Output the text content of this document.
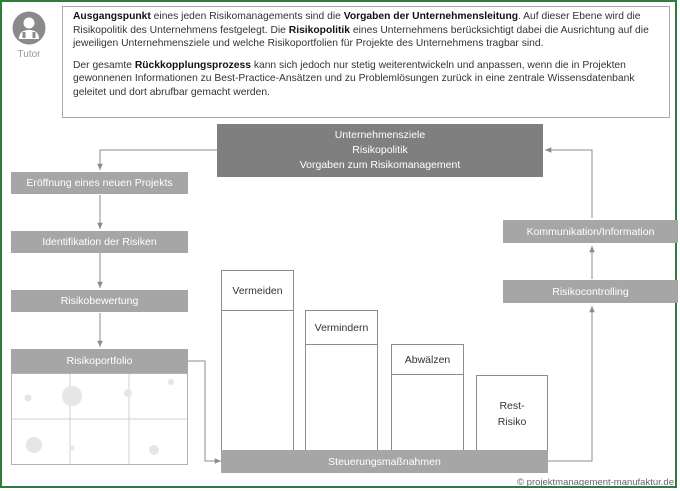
Tutor

Ausgangspunkt eines jeden Risikomanagements sind die Vorgaben der Unternehmensleitung. Auf dieser Ebene wird die Risikopolitik des Unternehmens festgelegt. Die Risikopolitik eines Unternehmens berücksichtigt dabei die Ausrichtung auf die jeweiligen Unternehmensziele und welche Risikoportfolien für Projekte des Unternehmens tragbar sind.

Der gesamte Rückkopplungsprozess kann sich jedoch nur stetig weiterentwickeln und anpassen, wenn die in Projekten gewonnenen Informationen zu Best-Practice-Ansätzen und zu Problemlösungen zurück in eine zentrale Wissensdatenbank geleitet und dort abrufbar gemacht werden.

Unternehmensziele
Risikopolitik
Vorgaben zum Risikomanagement
Eröffnung eines neuen Projekts
Identifikation der Risiken
Risikobewertung
Risikoportfolio
Vermeiden
Vermindern
Abwälzen
Rest-
Risiko
Steuerungsmaßnahmen
Kommunikation/Information
Risikocontrolling
© projektmanagement-manufaktur.de
